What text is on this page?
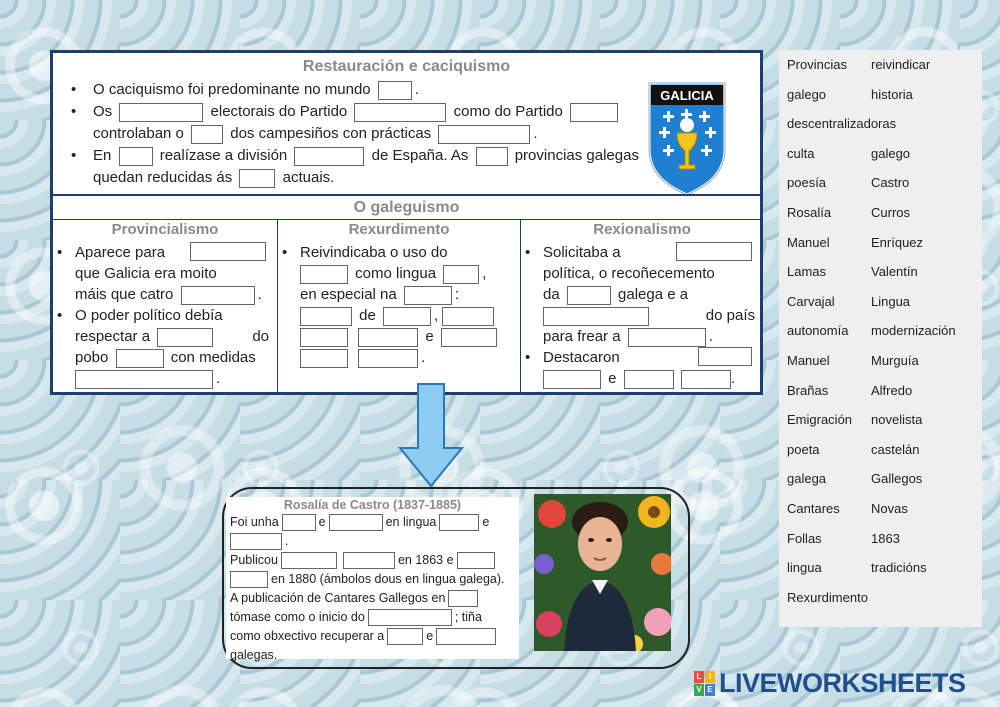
Restauración e caciquismo
• O caciquismo foi predominante no mundo	.
• Os	electorais do Partido	como do Partido
controlaban o	dos campesiños con prácticas	.
• En	realízase a división	de España. As	provincias galegas
quedan reducidas ás	actuais.
GALICIA
O galeguismo
Provincialismo
• Aparece para

que Galicia era moito
máis que catro	.
• O poder político debía
respectar a	do

pobo	con medidas
.
Rexurdimento
• Reivindicaba o uso do
como lingua	,
en especial na	:
de	,
e
.
Rexionalismo
• Solicitaba a

política, o recoñecemento
da	galega e a

do país

para frear a	.
• Destacaron

e	.
Provincias reivindicar
galego	historia
descentralizadoras
culta	galego
poesía	Castro
Rosalía	Curros
Manuel	Enríquez
Lamas	Valentín
Carvajal	Lingua
autonomía modernización
Manuel	Murguía
Brañas	Alfredo
Emigración novelista
poeta	castelán
galega	Gallegos
Cantares Novas
Follas	1863
lingua	tradicións
Rexurdimento
Rosalía de Castro (1837-1885)
Foi unha	e	en lingua	e
.
Publicou	en 1863 e
en 1880 (ámbolos dous en lingua galega).
A publicación de Cantares Gallegos en
tómase como o inicio do	; tiña
como obxectivo recuperar a	e
galegas.
L I
V E LIVEWORKSHEETS
